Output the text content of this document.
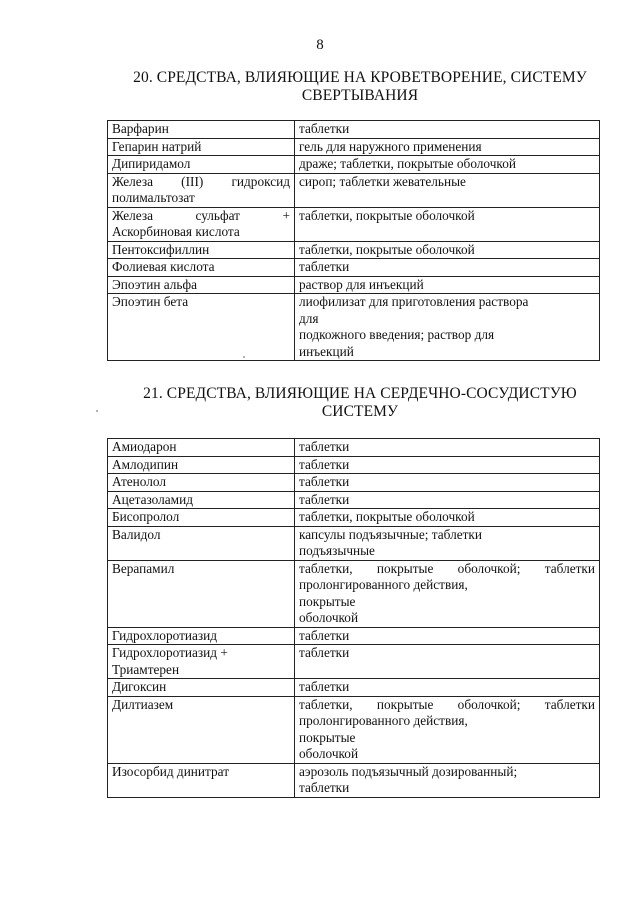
8
20. СРЕДСТВА, ВЛИЯЮЩИЕ НА КРОВЕТВОРЕНИЕ, СИСТЕМУ
СВЕРТЫВАНИЯ
Варфарин	таблетки

Гепарин натрий	гель для наружного применения

Дипиридамол	драже; таблетки, покрытые оболочкой

Железа (III) гидроксид
полимальтозат	сироп; таблетки жевательные

Железа сульфат +
Аскорбиновая кислота	таблетки, покрытые оболочкой

Пентоксифиллин	таблетки, покрытые оболочкой

Фолиевая кислота	таблетки

Эпоэтин альфа	раствор для инъекций

Эпоэтин бета	лиофилизат для приготовления раствора
для
подкожного введения; раствор для
инъекций
21. СРЕДСТВА, ВЛИЯЮЩИЕ НА СЕРДЕЧНО-СОСУДИСТУЮ
СИСТЕМУ
Амиодарон	таблетки

Амлодипин	таблетки

Атенолол	таблетки

Ацетазоламид	таблетки

Бисопролол	таблетки, покрытые оболочкой

Валидол	капсулы подъязычные; таблетки
подъязычные

Верапамил	таблетки, покрытые оболочкой; таблетки
пролонгированного действия,
покрытые
оболочкой

Гидрохлоротиазид	таблетки

Гидрохлоротиазид +
Триамтерен	таблетки

Дигоксин	таблетки

Дилтиазем	таблетки, покрытые оболочкой; таблетки
пролонгированного действия,
покрытые
оболочкой

Изосорбид динитрат	аэрозоль подъязычный дозированный;
таблетки
